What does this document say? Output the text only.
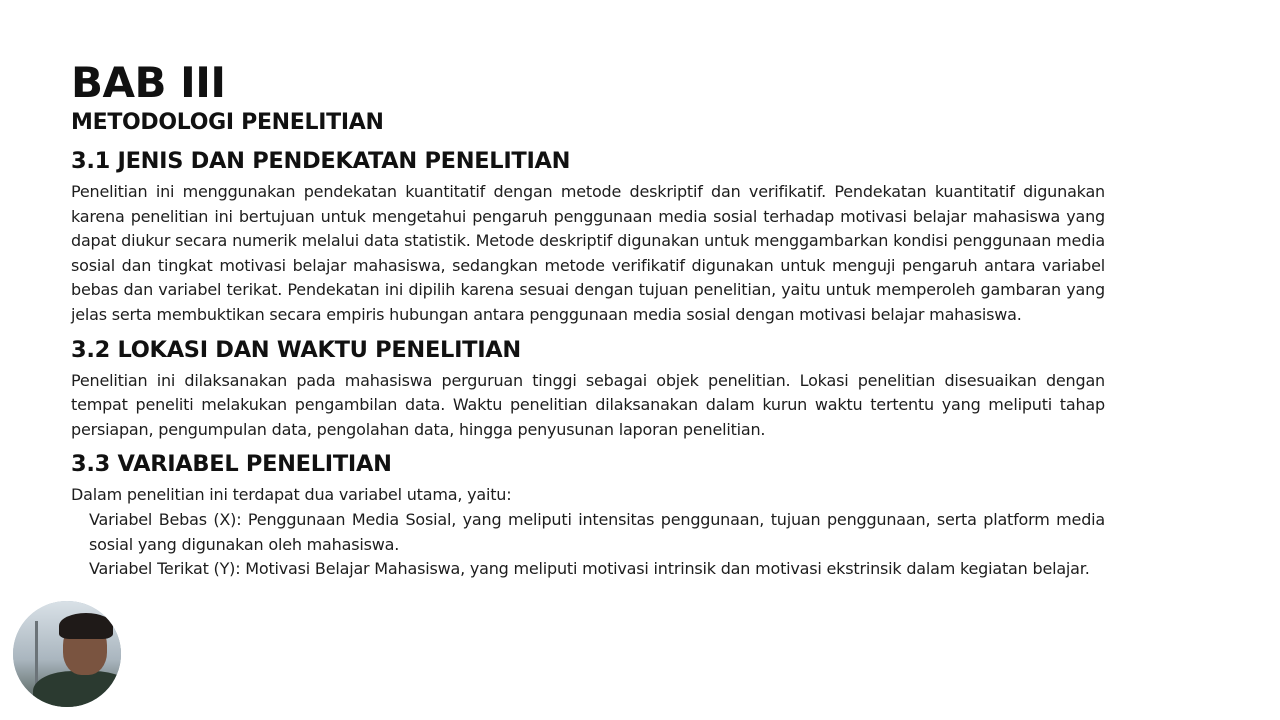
BAB III
METODOLOGI PENELITIAN
3.1 JENIS DAN PENDEKATAN PENELITIAN

Penelitian ini menggunakan pendekatan kuantitatif dengan metode deskriptif dan verifikatif. Pendekatan kuantitatif digunakan karena penelitian ini bertujuan untuk mengetahui pengaruh penggunaan media sosial terhadap motivasi belajar mahasiswa yang dapat diukur secara numerik melalui data statistik. Metode deskriptif digunakan untuk menggambarkan kondisi penggunaan media sosial dan tingkat motivasi belajar mahasiswa, sedangkan metode verifikatif digunakan untuk menguji pengaruh antara variabel bebas dan variabel terikat. Pendekatan ini dipilih karena sesuai dengan tujuan penelitian, yaitu untuk memperoleh gambaran yang jelas serta membuktikan secara empiris hubungan antara penggunaan media sosial dengan motivasi belajar mahasiswa.

3.2 LOKASI DAN WAKTU PENELITIAN

Penelitian ini dilaksanakan pada mahasiswa perguruan tinggi sebagai objek penelitian. Lokasi penelitian disesuaikan dengan tempat peneliti melakukan pengambilan data. Waktu penelitian dilaksanakan dalam kurun waktu tertentu yang meliputi tahap persiapan, pengumpulan data, pengolahan data, hingga penyusunan laporan penelitian.

3.3 VARIABEL PENELITIAN

Dalam penelitian ini terdapat dua variabel utama, yaitu:

Variabel Bebas (X): Penggunaan Media Sosial, yang meliputi intensitas penggunaan, tujuan penggunaan, serta platform media sosial yang digunakan oleh mahasiswa.
Variabel Terikat (Y): Motivasi Belajar Mahasiswa, yang meliputi motivasi intrinsik dan motivasi ekstrinsik dalam kegiatan belajar.
